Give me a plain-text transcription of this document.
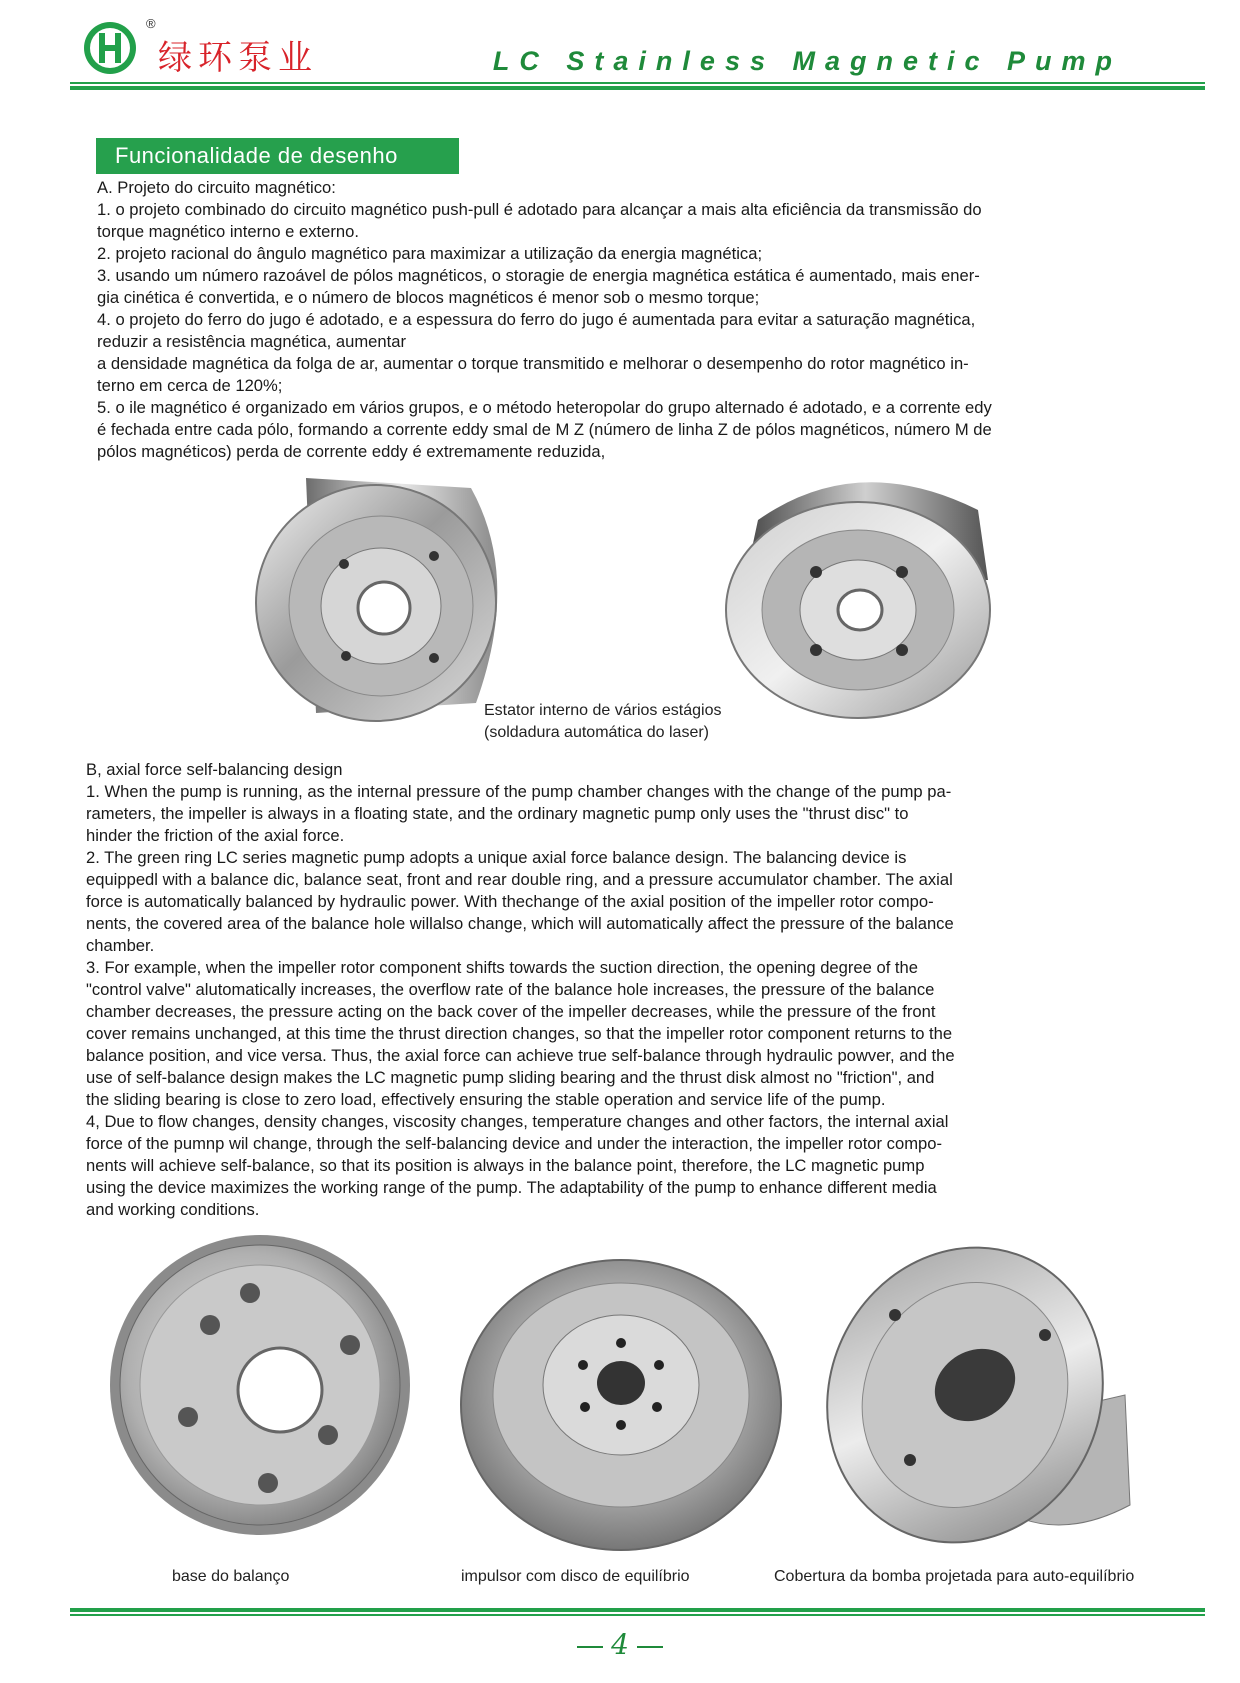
®
绿环泵业	LC Stainless Magnetic Pump
Funcionalidade de desenho

A. Projeto do circuito magnético:

1. o projeto combinado do circuito magnético push-pull é adotado para alcançar a mais alta eficiência da transmissão do

torque magnético interno e externo.

2. projeto racional do ângulo magnético para maximizar a utilização da energia magnética;

3. usando um número razoável de pólos magnéticos, o storagie de energia magnética estática é aumentado, mais ener-

gia cinética é convertida, e o número de blocos magnéticos é menor sob o mesmo torque;

4. o projeto do ferro do jugo é adotado, e a espessura do ferro do jugo é aumentada para evitar a saturação magnética,

reduzir a resistência magnética, aumentar

a densidade magnética da folga de ar, aumentar o torque transmitido e melhorar o desempenho do rotor magnético in-

terno em cerca de 120%;

5. o ile magnético é organizado em vários grupos, e o método heteropolar do grupo alternado é adotado, e a corrente edy

é fechada entre cada pólo, formando a corrente eddy smal de M Z (número de linha Z de pólos magnéticos, número M de

pólos magnéticos) perda de corrente eddy é extremamente reduzida,

Estator interno de vários estágios
(soldadura automática do laser)

B, axial force self-balancing design

1. When the pump is running, as the internal pressure of the pump chamber changes with the change of the pump pa-

rameters, the impeller is always in a floating state, and the ordinary magnetic pump only uses the "thrust disc" to

hinder the friction of the axial force.

2. The green ring LC series magnetic pump adopts a unique axial force balance design. The balancing device is

equippedl with a balance dic, balance seat, front and rear double ring, and a pressure accumulator chamber. The axial

force is automatically balanced by hydraulic power. With thechange of the axial position of the impeller rotor compo-

nents, the covered area of the balance hole willalso change, which will automatically affect the pressure of the balance

chamber.

3. For example, when the impeller rotor component shifts towards the suction direction, the opening degree of the

"control valve" alutomatically increases, the overflow rate of the balance hole increases, the pressure of the balance

chamber decreases, the pressure acting on the back cover of the impeller decreases, while the pressure of the front

cover remains unchanged, at this time the thrust direction changes, so that the impeller rotor component returns to the

balance position, and vice versa. Thus, the axial force can achieve true self-balance through hydraulic powver, and the

use of self-balance design makes the LC magnetic pump sliding bearing and the thrust disk almost no "friction", and

the sliding bearing is close to zero load, effectively ensuring the stable operation and service life of the pump.

4, Due to flow changes, density changes, viscosity changes, temperature changes and other factors, the internal axial

force of the pumnp wil change, through the self-balancing device and under the interaction, the impeller rotor compo-

nents will achieve self-balance, so that its position is always in the balance point, therefore, the LC magnetic pump

using the device maximizes the working range of the pump. The adaptability of the pump to enhance different media

and working conditions.

base do balanço	impulsor com disco de equilíbrio	Cobertura da bomba projetada para auto-equilíbrio
4
